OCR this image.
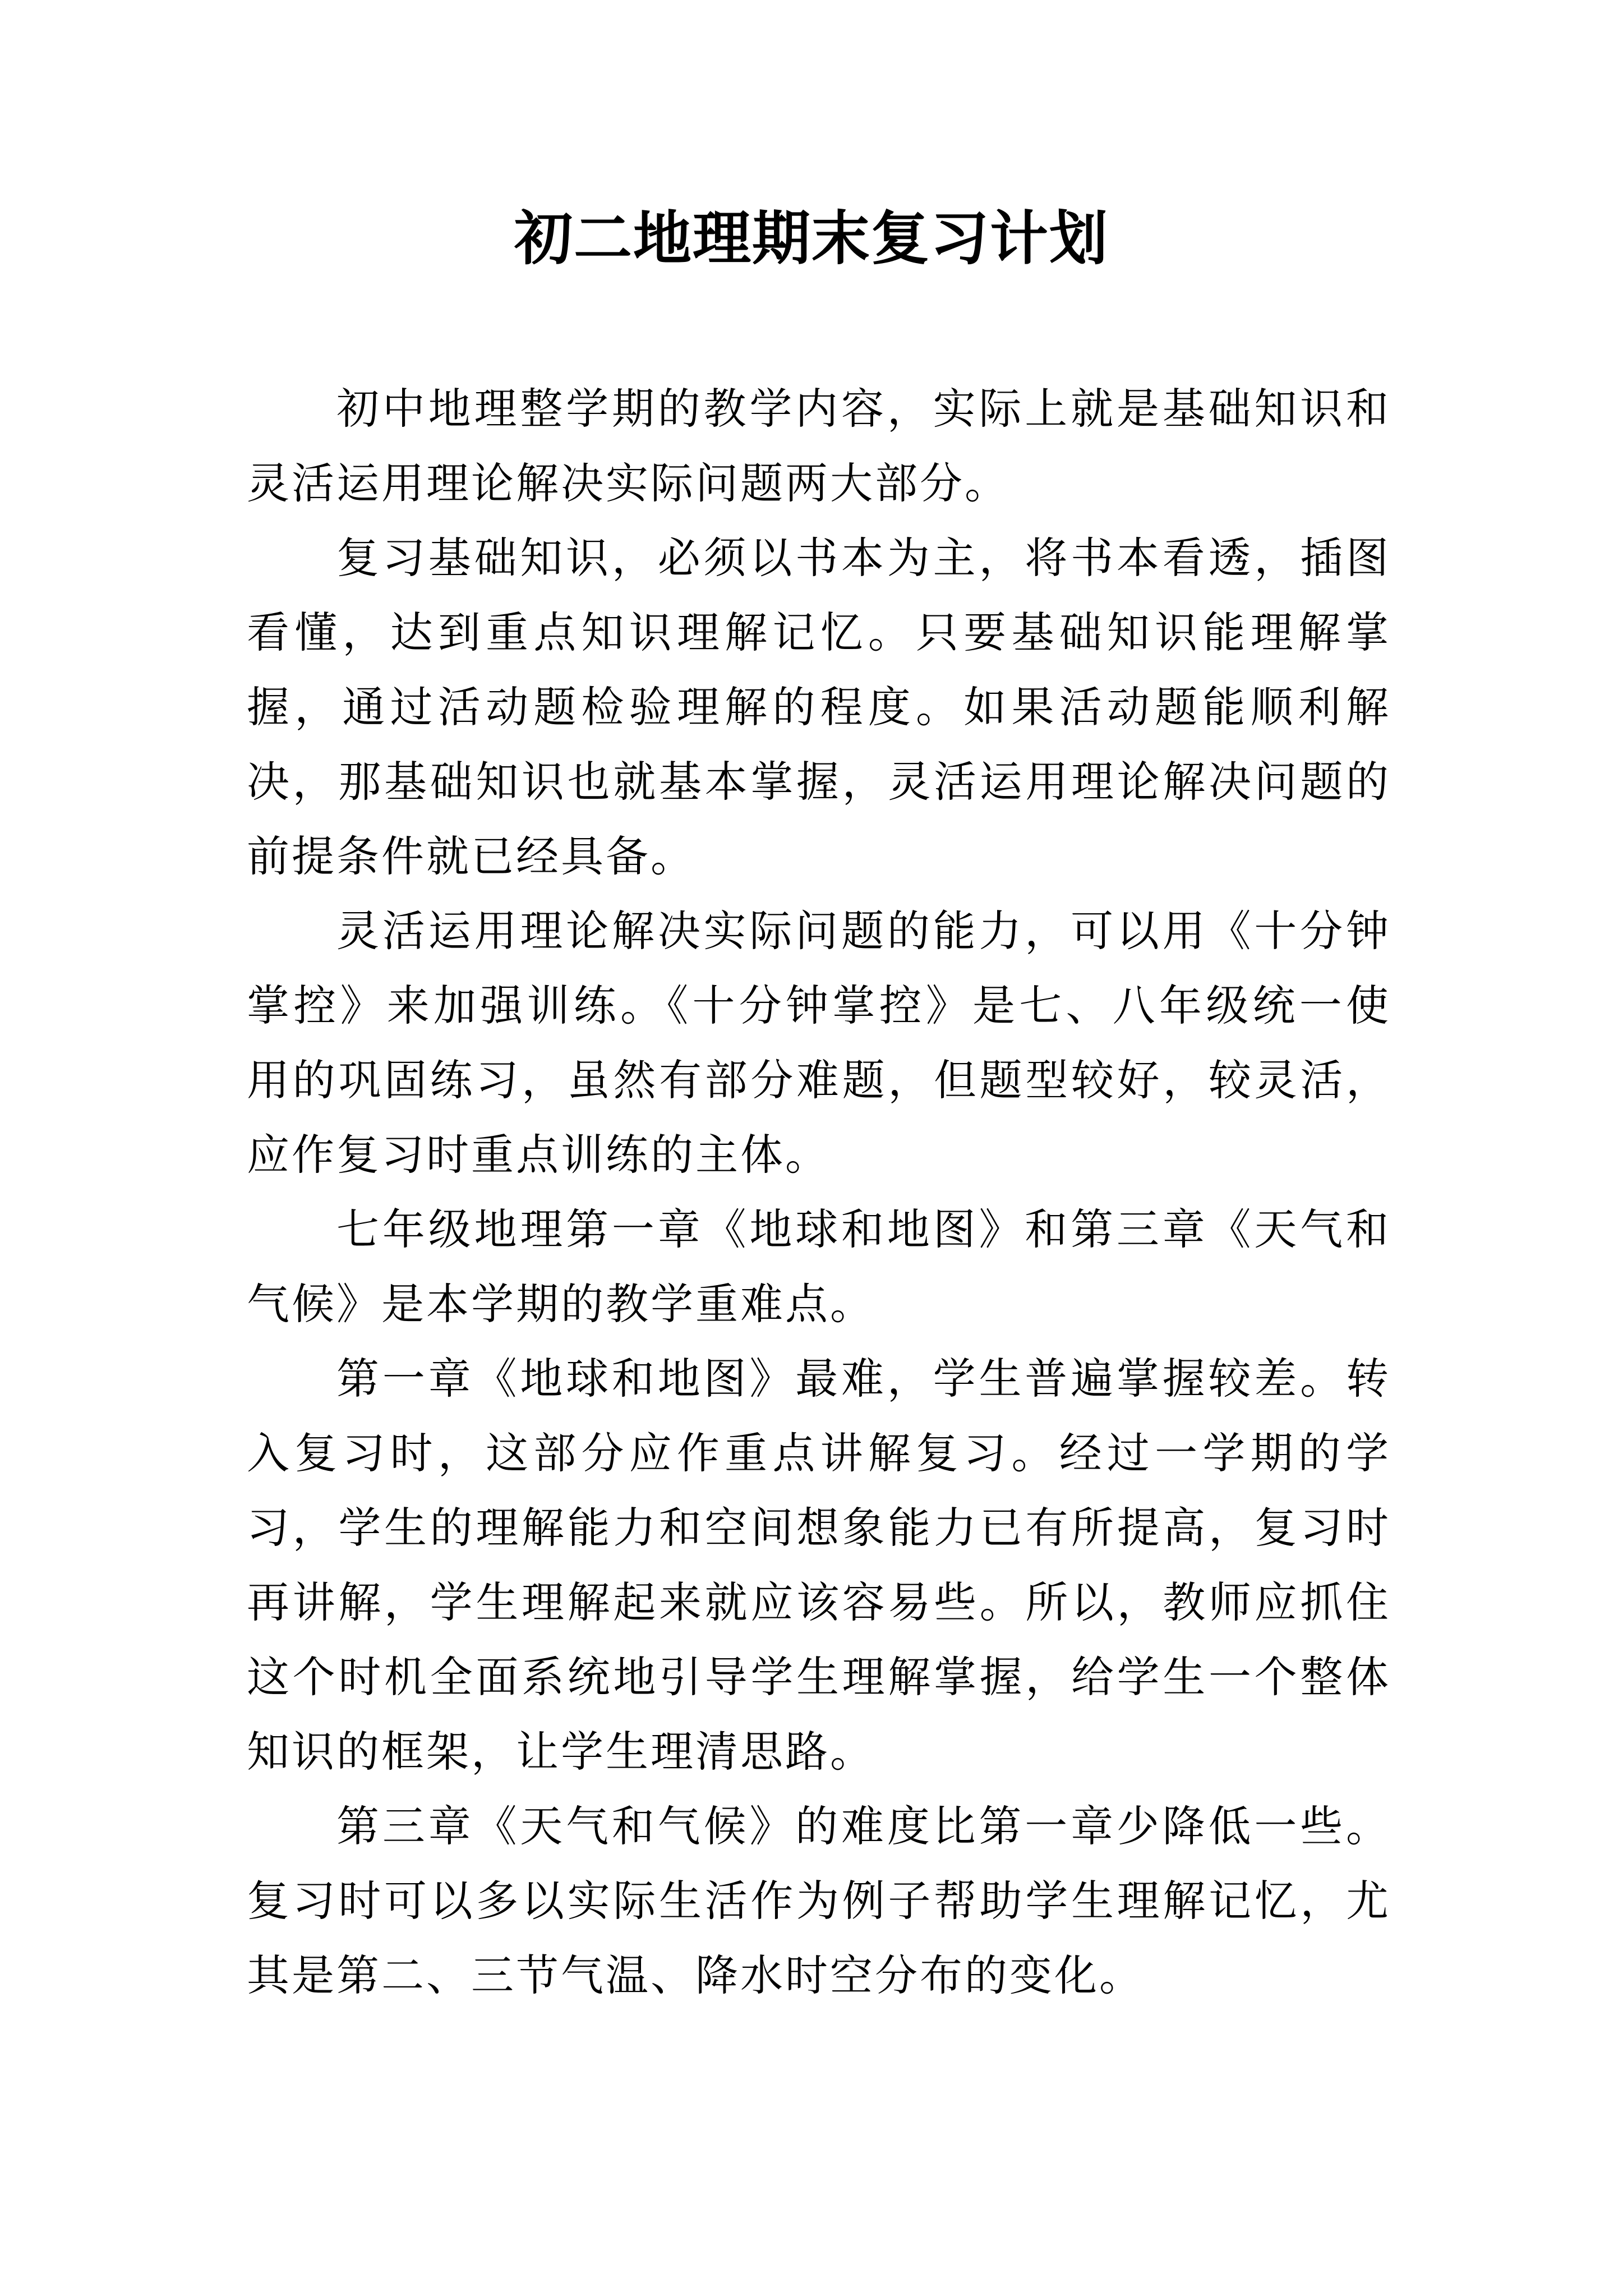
初二地理期末复习计划

初中地理整学期的教学内容，实际上就是基础知识和灵活运用理论解决实际问题两大部分。

复习基础知识，必须以书本为主，将书本看透，插图看懂，达到重点知识理解记忆。只要基础知识能理解掌握，通过活动题检验理解的程度。如果活动题能顺利解决，那基础知识也就基本掌握，灵活运用理论解决问题的前提条件就已经具备。

灵活运用理论解决实际问题的能力，可以用《十分钟掌控》来加强训练。《十分钟掌控》是七、八年级统一使用的巩固练习，虽然有部分难题，但题型较好，较灵活，应作复习时重点训练的主体。

七年级地理第一章《地球和地图》和第三章《天气和气候》是本学期的教学重难点。

第一章《地球和地图》最难，学生普遍掌握较差。转入复习时，这部分应作重点讲解复习。经过一学期的学习，学生的理解能力和空间想象能力已有所提高，复习时再讲解，学生理解起来就应该容易些。所以，教师应抓住这个时机全面系统地引导学生理解掌握，给学生一个整体知识的框架，让学生理清思路。

第三章《天气和气候》的难度比第一章少降低一些。复习时可以多以实际生活作为例子帮助学生理解记忆，尤其是第二、三节气温、降水时空分布的变化。
